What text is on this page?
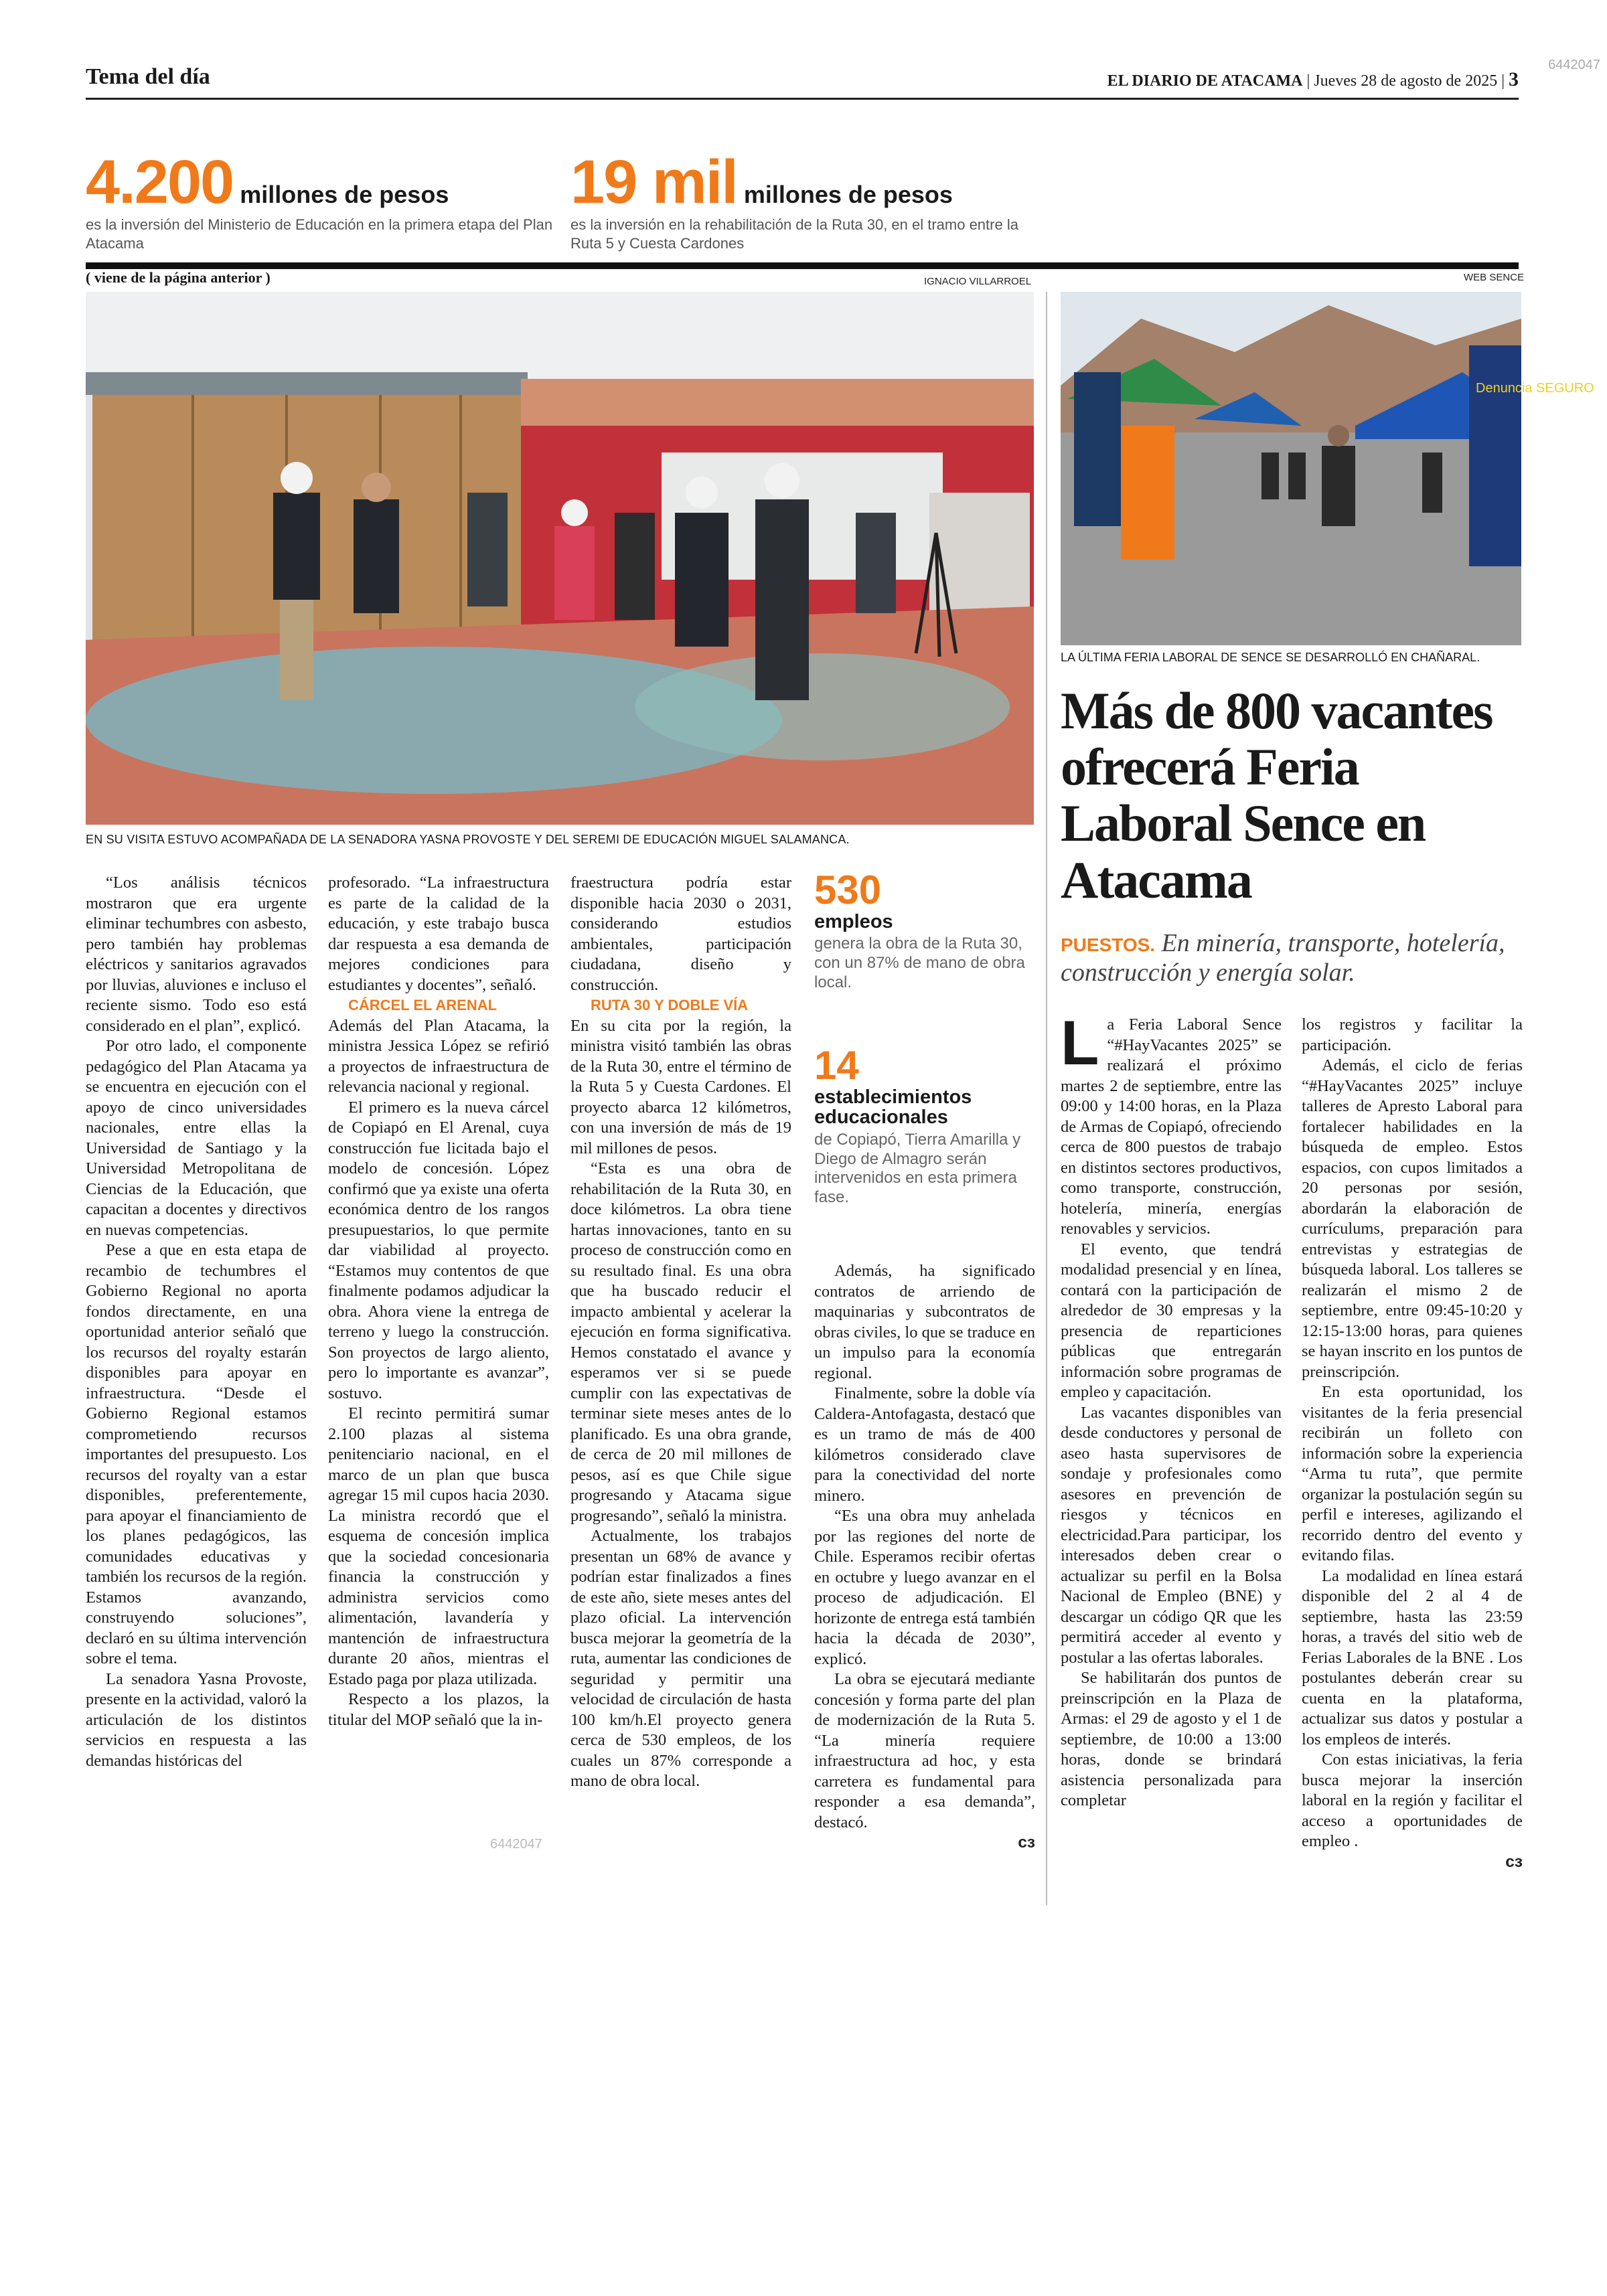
Tema del día	EL DIARIO DE ATACAMA | Jueves 28 de agosto de 2025 | 3
6442047
4.200 millones de pesos
es la inversión del Ministerio de Educación en la primera etapa del Plan Atacama
19 mil millones de pesos
es la inversión en la rehabilitación de la Ruta 30, en el tramo entre la Ruta 5 y Cuesta Cardones
( viene de la página anterior )	IGNACIO VILLARROEL	WEB SENCE
EN SU VISITA ESTUVO ACOMPAÑADA DE LA SENADORA YASNA PROVOSTE Y DEL SEREMI DE EDUCACIÓN MIGUEL SALAMANCA.
Denuncia SEGURO
LA ÚLTIMA FERIA LABORAL DE SENCE SE DESARROLLÓ EN CHAÑARAL.
Más de 800 vacantes ofrecerá Feria Laboral Sence en Atacama
PUESTOS. En minería, transporte, hotelería, construcción y energía solar.

“Los análisis técnicos mostraron que era urgente eliminar techumbres con asbesto, pero también hay problemas eléctricos y sanitarios agravados por lluvias, aluviones e incluso el reciente sismo. Todo eso está considerado en el plan”, explicó.

Por otro lado, el componente pedagógico del Plan Atacama ya se encuentra en ejecución con el apoyo de cinco universidades nacionales, entre ellas la Universidad de Santiago y la Universidad Metropolitana de Ciencias de la Educación, que capacitan a docentes y directivos en nuevas competencias.

Pese a que en esta etapa de recambio de techumbres el Gobierno Regional no aporta fondos directamente, en una oportunidad anterior señaló que los recursos del royalty estarán disponibles para apoyar en infraestructura. “Desde el Gobierno Regional estamos comprometiendo recursos importantes del presupuesto. Los recursos del royalty van a estar disponibles, preferentemente, para apoyar el financiamiento de los planes pedagógicos, las comunidades educativas y también los recursos de la región. Estamos avanzando, construyendo soluciones”, declaró en su última intervención sobre el tema.

La senadora Yasna Provoste, presente en la actividad, valoró la articulación de los distintos servicios en respuesta a las demandas históricas del

profesorado. “La infraestructura es parte de la calidad de la educación, y este trabajo busca dar respuesta a esa demanda de mejores condiciones para estudiantes y docentes”, señaló.

CÁRCEL EL ARENAL

Además del Plan Atacama, la ministra Jessica López se refirió a proyectos de infraestructura de relevancia nacional y regional.

El primero es la nueva cárcel de Copiapó en El Arenal, cuya construcción fue licitada bajo el modelo de concesión. López confirmó que ya existe una oferta económica dentro de los rangos presupuestarios, lo que permite dar viabilidad al proyecto. “Estamos muy contentos de que finalmente podamos adjudicar la obra. Ahora viene la entrega de terreno y luego la construcción. Son proyectos de largo aliento, pero lo importante es avanzar”, sostuvo.

El recinto permitirá sumar 2.100 plazas al sistema penitenciario nacional, en el marco de un plan que busca agregar 15 mil cupos hacia 2030. La ministra recordó que el esquema de concesión implica que la sociedad concesionaria financia la construcción y administra servicios como alimentación, lavandería y mantención de infraestructura durante 20 años, mientras el Estado paga por plaza utilizada.

Respecto a los plazos, la titular del MOP señaló que la in-

fraestructura podría estar disponible hacia 2030 o 2031, considerando estudios ambientales, participación ciudadana, diseño y construcción.

RUTA 30 Y DOBLE VÍA

En su cita por la región, la ministra visitó también las obras de la Ruta 30, entre el término de la Ruta 5 y Cuesta Cardones. El proyecto abarca 12 kilómetros, con una inversión de más de 19 mil millones de pesos.

“Esta es una obra de rehabilitación de la Ruta 30, en doce kilómetros. La obra tiene hartas innovaciones, tanto en su proceso de construcción como en su resultado final. Es una obra que ha buscado reducir el impacto ambiental y acelerar la ejecución en forma significativa. Hemos constatado el avance y esperamos ver si se puede cumplir con las expectativas de terminar siete meses antes de lo planificado. Es una obra grande, de cerca de 20 mil millones de pesos, así es que Chile sigue progresando y Atacama sigue progresando”, señaló la ministra.

Actualmente, los trabajos presentan un 68% de avance y podrían estar finalizados a fines de este año, siete meses antes del plazo oficial. La intervención busca mejorar la geometría de la ruta, aumentar las condiciones de seguridad y permitir una velocidad de circulación de hasta 100 km/h.El proyecto genera cerca de 530 empleos, de los cuales un 87% corresponde a mano de obra local.

530
empleos
genera la obra de la Ruta 30, con un 87% de mano de obra local.
14
establecimientos educacionales
de Copiapó, Tierra Amarilla y Diego de Almagro serán intervenidos en esta primera fase.

Además, ha significado contratos de arriendo de maquinarias y subcontratos de obras civiles, lo que se traduce en un impulso para la economía regional.

Finalmente, sobre la doble vía Caldera-Antofagasta, destacó que es un tramo de más de 400 kilómetros considerado clave para la conectividad del norte minero.

“Es una obra muy anhelada por las regiones del norte de Chile. Esperamos recibir ofertas en octubre y luego avanzar en el proceso de adjudicación. El horizonte de entrega está también hacia la década de 2030”, explicó.

La obra se ejecutará mediante concesión y forma parte del plan de modernización de la Ruta 5. “La minería requiere infraestructura ad hoc, y esta carretera es fundamental para responder a esa demanda”, destacó.

ᴄɜ
L a Feria Laboral Sence “#HayVacantes 2025” se realizará el próximo martes 2 de septiembre, entre las 09:00 y 14:00 horas, en la Plaza de Armas de Copiapó, ofreciendo cerca de 800 puestos de trabajo en distintos sectores productivos, como transporte, construcción, hotelería, minería, energías renovables y servicios.

El evento, que tendrá modalidad presencial y en línea, contará con la participación de alrededor de 30 empresas y la presencia de reparticiones públicas que entregarán información sobre programas de empleo y capacitación.

Las vacantes disponibles van desde conductores y personal de aseo hasta supervisores de sondaje y profesionales como asesores en prevención de riesgos y técnicos en electricidad.Para participar, los interesados deben crear o actualizar su perfil en la Bolsa Nacional de Empleo (BNE) y descargar un código QR que les permitirá acceder al evento y postular a las ofertas laborales.

Se habilitarán dos puntos de preinscripción en la Plaza de Armas: el 29 de agosto y el 1 de septiembre, de 10:00 a 13:00 horas, donde se brindará asistencia personalizada para completar

los registros y facilitar la participación.

Además, el ciclo de ferias “#HayVacantes 2025” incluye talleres de Apresto Laboral para fortalecer habilidades en la búsqueda de empleo. Estos espacios, con cupos limitados a 20 personas por sesión, abordarán la elaboración de currículums, preparación para entrevistas y estrategias de búsqueda laboral. Los talleres se realizarán el mismo 2 de septiembre, entre 09:45-10:20 y 12:15-13:00 horas, para quienes se hayan inscrito en los puntos de preinscripción.

En esta oportunidad, los visitantes de la feria presencial recibirán un folleto con información sobre la experiencia “Arma tu ruta”, que permite organizar la postulación según su perfil e intereses, agilizando el recorrido dentro del evento y evitando filas.

La modalidad en línea estará disponible del 2 al 4 de septiembre, hasta las 23:59 horas, a través del sitio web de Ferias Laborales de la BNE . Los postulantes deberán crear su cuenta en la plataforma, actualizar sus datos y postular a los empleos de interés.

Con estas iniciativas, la feria busca mejorar la inserción laboral en la región y facilitar el acceso a oportunidades de empleo .

ᴄɜ
6442047
